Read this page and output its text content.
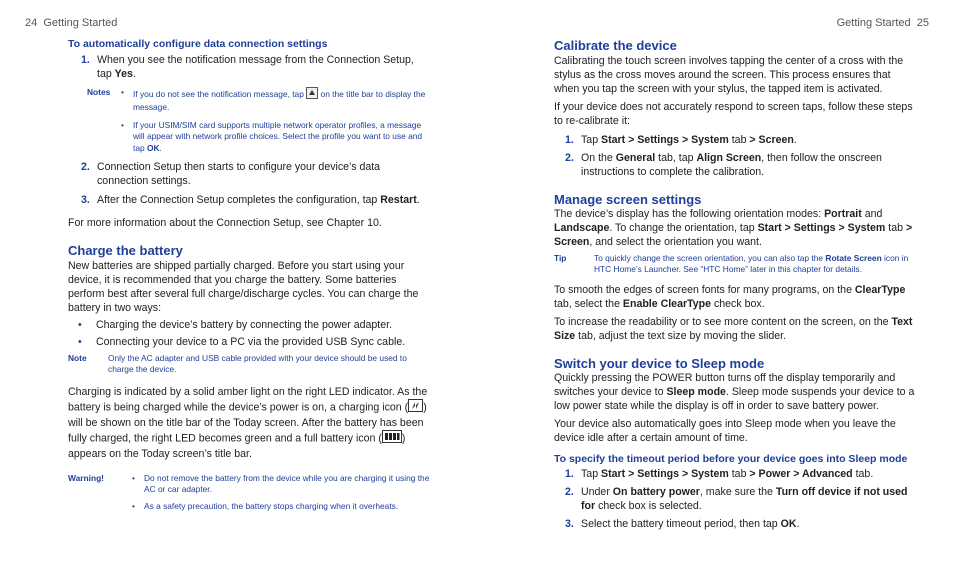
24 Getting Started	Getting Started 25
To automatically configure data connection settings
1. When you see the notification message from the Connection Setup, tap Yes.
Notes	•	If you do not see the notification message, tap  on the title bar to display the message.
•	If your USIM/SIM card supports multiple network operator profiles, a message will appear with network profile choices. Select the profile you want to use and tap OK.
2. Connection Setup then starts to configure your device’s data connection settings.
3. After the Connection Setup completes the configuration, tap Restart.

For more information about the Connection Setup, see Chapter 10.

Charge the battery

New batteries are shipped partially charged. Before you start using your device, it is recommended that you charge the battery. Some batteries perform best after several full charge/discharge cycles. You can charge the battery in two ways:

•	Charging the device’s battery by connecting the power adapter.
•	Connecting your device to a PC via the provided USB Sync cable.
Note	Only the AC adapter and USB cable provided with your device should be used to charge the device.

Charging is indicated by a solid amber light on the right LED indicator. As the battery is being charged while the device’s power is on, a charging icon ( ) will be shown on the title bar of the Today screen. After the battery has been fully charged, the right LED becomes green and a full battery icon ( ) appears on the Today screen’s title bar.

Warning!	•	Do not remove the battery from the device while you are charging it using the AC or car adapter.
•	As a safety precaution, the battery stops charging when it overheats.
Calibrate the device

Calibrating the touch screen involves tapping the center of a cross with the stylus as the cross moves around the screen. This process ensures that when you tap the screen with your stylus, the tapped item is activated.

If your device does not accurately respond to screen taps, follow these steps to re-calibrate it:

1. Tap Start > Settings > System tab > Screen.
2. On the General tab, tap Align Screen, then follow the onscreen instructions to complete the calibration.
Manage screen settings

The device’s display has the following orientation modes: Portrait and Landscape. To change the orientation, tap Start > Settings > System tab > Screen, and select the orientation you want.

Tip	To quickly change the screen orientation, you can also tap the Rotate Screen icon in HTC Home’s Launcher. See “HTC Home” later in this chapter for details.

To smooth the edges of screen fonts for many programs, on the ClearType tab, select the Enable ClearType check box.

To increase the readability or to see more content on the screen, on the Text Size tab, adjust the text size by moving the slider.

Switch your device to Sleep mode

Quickly pressing the POWER button turns off the display temporarily and switches your device to Sleep mode. Sleep mode suspends your device to a low power state while the display is off in order to save battery power.

Your device also automatically goes into Sleep mode when you leave the device idle after a certain amount of time.

To specify the timeout period before your device goes into Sleep mode
1. Tap Start > Settings > System tab > Power > Advanced tab.
2. Under On battery power, make sure the Turn off device if not used for check box is selected.
3. Select the battery timeout period, then tap OK.
